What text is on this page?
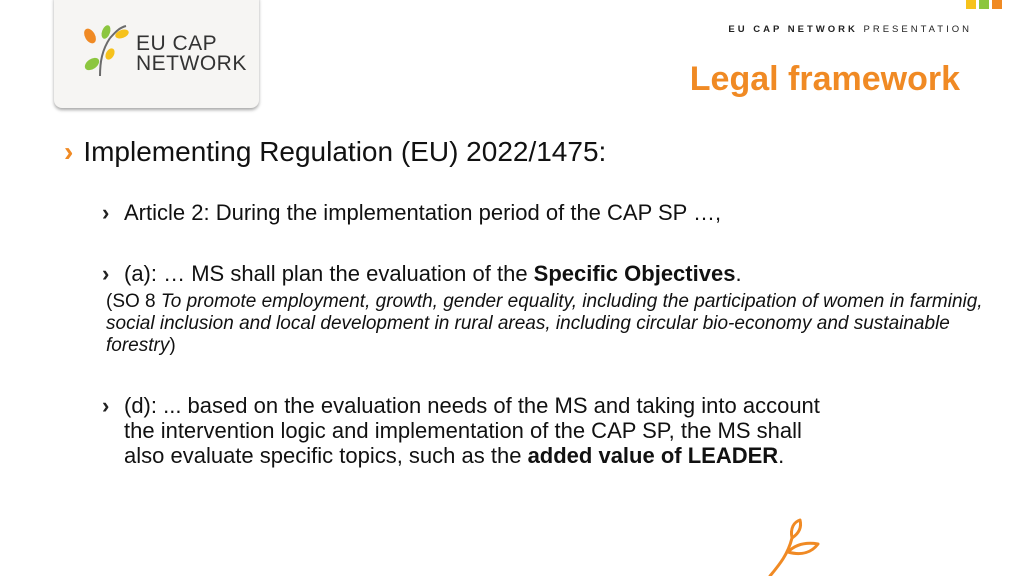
EU CAP
NETWORK
EU CAP NETWORK PRESENTATION
Legal framework
› Implementing Regulation (EU) 2022/1475:
› Article 2: During the implementation period of the CAP SP …,
› (a): … MS shall plan the evaluation of the Specific Objectives.
(SO 8 To promote employment, growth, gender equality, including the participation of women in farminig, social inclusion and local development in rural areas, including circular bio-economy and sustainable forestry)
› (d): ... based on the evaluation needs of the MS and taking into account
the intervention logic and implementation of the CAP SP, the MS shall
also evaluate specific topics, such as the added value of LEADER.
